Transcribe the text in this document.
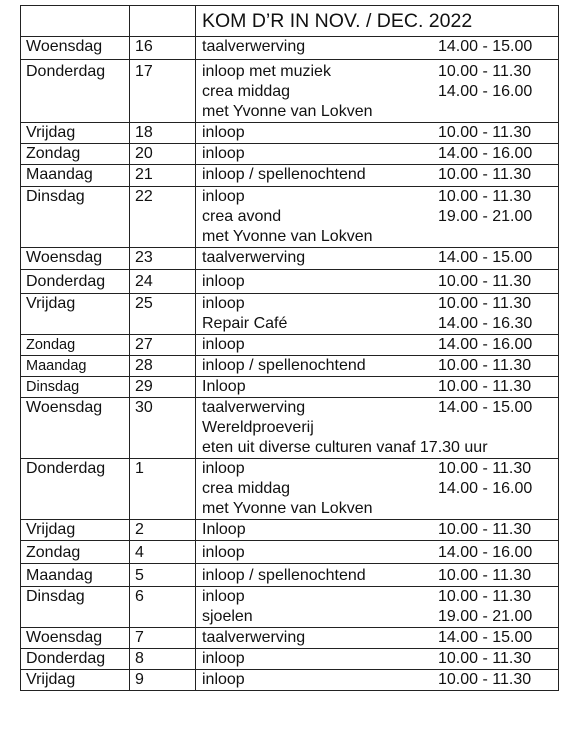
		KOM D’R IN NOV. / DEC. 2022
Woensdag	16	taalverwerving 14.00 - 15.00

Donderdag	17	inloop met muziek 10.00 - 11.30
crea middag 14.00 - 16.00
met Yvonne van Lokven

Vrijdag	18	inloop 10.00 - 11.30

Zondag	20	inloop 14.00 - 16.00

Maandag	21	inloop / spellenochtend 10.00 - 11.30

Dinsdag	22	inloop 10.00 - 11.30
crea avond 19.00 - 21.00
met Yvonne van Lokven

Woensdag	23	taalverwerving 14.00 - 15.00

Donderdag	24	inloop 10.00 - 11.30

Vrijdag	25	inloop 10.00 - 11.30
Repair Café 14.00 - 16.30

Zondag	27	inloop 14.00 - 16.00

Maandag	28	inloop / spellenochtend 10.00 - 11.30

Dinsdag	29	Inloop 10.00 - 11.30

Woensdag	30	taalverwerving 14.00 - 15.00
Wereldproeverij
eten uit diverse culturen vanaf 17.30 uur

Donderdag	1	inloop 10.00 - 11.30
crea middag 14.00 - 16.00
met Yvonne van Lokven

Vrijdag	2	Inloop 10.00 - 11.30

Zondag	4	inloop 14.00 - 16.00

Maandag	5	inloop / spellenochtend 10.00 - 11.30

Dinsdag	6	inloop 10.00 - 11.30
sjoelen 19.00 - 21.00

Woensdag	7	taalverwerving 14.00 - 15.00

Donderdag	8	inloop 10.00 - 11.30

Vrijdag	9	inloop 10.00 - 11.30
